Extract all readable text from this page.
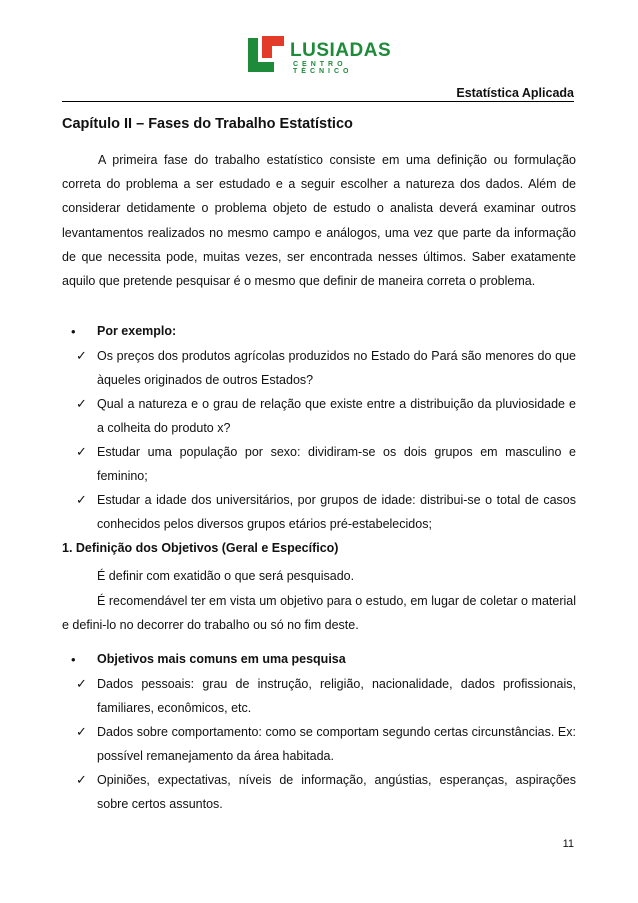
LUSIADAS
CENTRO TÉCNICO
Estatística Aplicada
Capítulo II – Fases do Trabalho Estatístico
A primeira fase do trabalho estatístico consiste em uma definição ou formulação correta do problema a ser estudado e a seguir escolher a natureza dos dados. Além de considerar detidamente o problema objeto de estudo o analista deverá examinar outros levantamentos realizados no mesmo campo e análogos, uma vez que parte da informação de que necessita pode, muitas vezes, ser encontrada nesses últimos. Saber exatamente aquilo que pretende pesquisar é o mesmo que definir de maneira correta o problema.
• Por exemplo:
✓ Os preços dos produtos agrícolas produzidos no Estado do Pará são menores do que àqueles originados de outros Estados?
✓ Qual a natureza e o grau de relação que existe entre a distribuição da pluviosidade e a colheita do produto x?
✓ Estudar uma população por sexo: dividiram-se os dois grupos em masculino e feminino;
✓ Estudar a idade dos universitários, por grupos de idade: distribui-se o total de casos conhecidos pelos diversos grupos etários pré-estabelecidos;
1. Definição dos Objetivos (Geral e Específico)
É definir com exatidão o que será pesquisado.
É recomendável ter em vista um objetivo para o estudo, em lugar de coletar o material e defini-lo no decorrer do trabalho ou só no fim deste.
• Objetivos mais comuns em uma pesquisa
✓ Dados pessoais: grau de instrução, religião, nacionalidade, dados profissionais, familiares, econômicos, etc.
✓ Dados sobre comportamento: como se comportam segundo certas circunstâncias. Ex: possível remanejamento da área habitada.
✓ Opiniões, expectativas, níveis de informação, angústias, esperanças, aspirações sobre certos assuntos.
11
